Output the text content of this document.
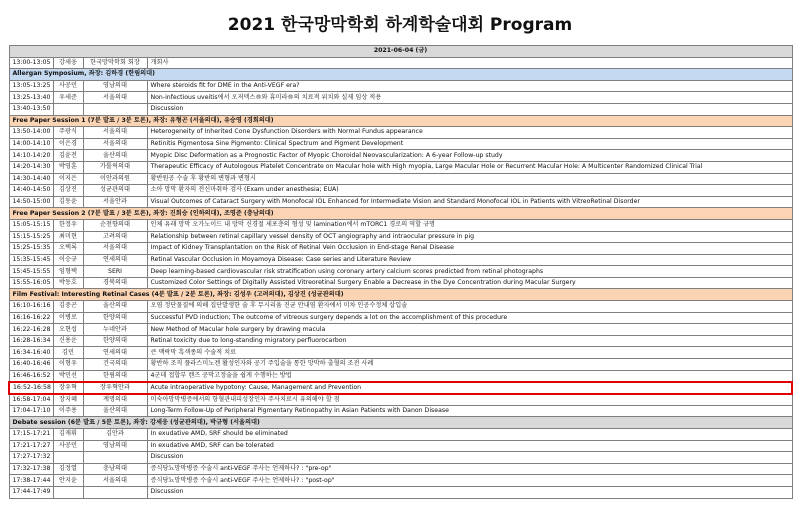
2021 한국망막학회 하계학술대회 Program
2021-06-04 (금)			
13:00-13:05	강세웅	한국망막학회 회장	개회사
Allergan Symposium, 좌장: 김하경 (한림의대)			
13:05-13:25	사공민	영남의대	Where steroids fit for DME in the Anti-VEGF era?
13:25-13:40	우세준	서울의대	Non-infectious uveitis에서 오저덱스®와 휴미라®의 치료적 위치와 실제 임상 적용
13:40-13:50			Discussion
Free Paper Session 1 (7분 발표 / 3분 토론), 좌장: 유형곤 (서울의대), 유승영 (경희의대)			
13:50-14:00	주광식	서울의대	Heterogeneity of Inherited Cone Dysfunction Disorders with Normal Fundus appearance
14:00-14:10	이은경	서울의대	Retinitis Pigmentosa Sine Pigmento: Clinical Spectrum and Pigment Development
14:10-14:20	김윤전	울산의대	Myopic Disc Deformation as a Prognostic Factor of Myopic Choroidal Neovascularization: A 6-year Follow-up study
14:20-14:30	박영훈	가톨릭의대	Therapeutic Efficacy of Autologous Platelet Concentrate on Macular hole with High myopia, Large Macular Hole or Recurrent Macular Hole: A Multicenter Randomized Clinical Trial
14:30-14:40	이지은	이안과의원	황반원공 수술 후 황반의 변형과 변형시
14:40-14:50	김상진	성균관의대	소아 망막 환자의 전신마취하 검사 (Exam under anesthesia; EUA)
14:50-15:00	김동윤	서울안과	Visual Outcomes of Cataract Surgery with Monofocal IOL Enhanced for Intermediate Vision and Standard Monofocal IOL in Patients with VitreoRetinal Disorder
Free Paper Session 2 (7분 발표 / 3분 토론), 좌장: 진희승 (인하의대), 조영준 (충남의대)			
15:05-15:15	한정우	순천향의대	인체 유래 망막 오가노이드 내 망막 신경절 세포층의 형성 및 lamination에서 mTORC1 경로의 역할 규명
15:15-15:25	최미현	고려의대	Relationship between retinal capillary vessel density of OCT angiography and intraocular pressure in pig
15:25-15:35	오택록	서울의대	Impact of Kidney Transplantation on the Risk of Retinal Vein Occlusion in End-stage Renal Disease
15:35-15:45	이승규	연세의대	Retinal Vascular Occlusion in Moyamoya Disease: Case series and Literature Review
15:45-15:55	임형택	SERI	Deep learning-based cardiovascular risk stratification using coronary artery calcium scores predicted from retinal photographs
15:55-16:05	박동호	경북의대	Customized Color Settings of Digitally Assisted Vitreoretinal Surgery Enable a Decrease in the Dye Concentration during Macular Surgery
Film Festival: Interesting Retinal Cases (4분 발표 / 2분 토론), 좌장: 김성우 (고려의대), 김상진 (성균관의대)			
16:10-16:16	김중곤	울산의대	오염 정단물질에 의해 집단발생한 술 후 무시리움 진균 안내염 환자에서 미차 인공수정체 삽입술
16:16-16:22	이병로	한양의대	Successful PVD induction; The outcome of vitreous surgery depends a lot on the accomplishment of this procedure
16:22-16:28	오현섭	누네안과	New Method of Macular hole surgery by drawing macula
16:28-16:34	신용운	한양의대	Retinal toxicity due to long-standing migratory perfluorocarbon
16:34-16:40	김민	연세의대	큰 맥락막 흑색종의 수술적 치료
16:40-16:46	이형우	건국의대	황반하 조직 플라스미노겐 활성인자와 공기 주입술을 통한 망막하 출혈의 조전 사례
16:46-16:52	박민선	한림의대	4군데 접합부 렌즈 공막고정술을 쉽게 수행하는 방법
16:52-16:58	장우혁	장우혁안과	Acute intraoperative hypotony: Cause, Management and Prevention
16:58-17:04	장지혜	계명의대	미숙아망막병증에서의 항혈관내피성장인자 주사치료시 유의해야 할 점
17:04-17:10	이주용	울산의대	Long-Term Follow-Up of Peripheral Pigmentary Retinopathy in Asian Patients with Danon Disease
Debate session (6분 발표 / 5분 토론), 좌장: 강세웅 (성균관의대), 박규형 (서울의대)			
17:15-17:21	김재휘	김안과	In exudative AMD, SRF should be eliminated
17:21-17:27	사공민	영남의대	In exudative AMD, SRF can be tolerated
17:27-17:32			Discussion
17:32-17:38	김정열	충남의대	증식당뇨망막병증 수술시 anti-VEGF 주사는 언제하나? : "pre-op"
17:38-17:44	안지윤	서울의대	증식당뇨망막병증 수술시 anti-VEGF 주사는 언제하나? : "post-op"
17:44-17:49			Discussion
